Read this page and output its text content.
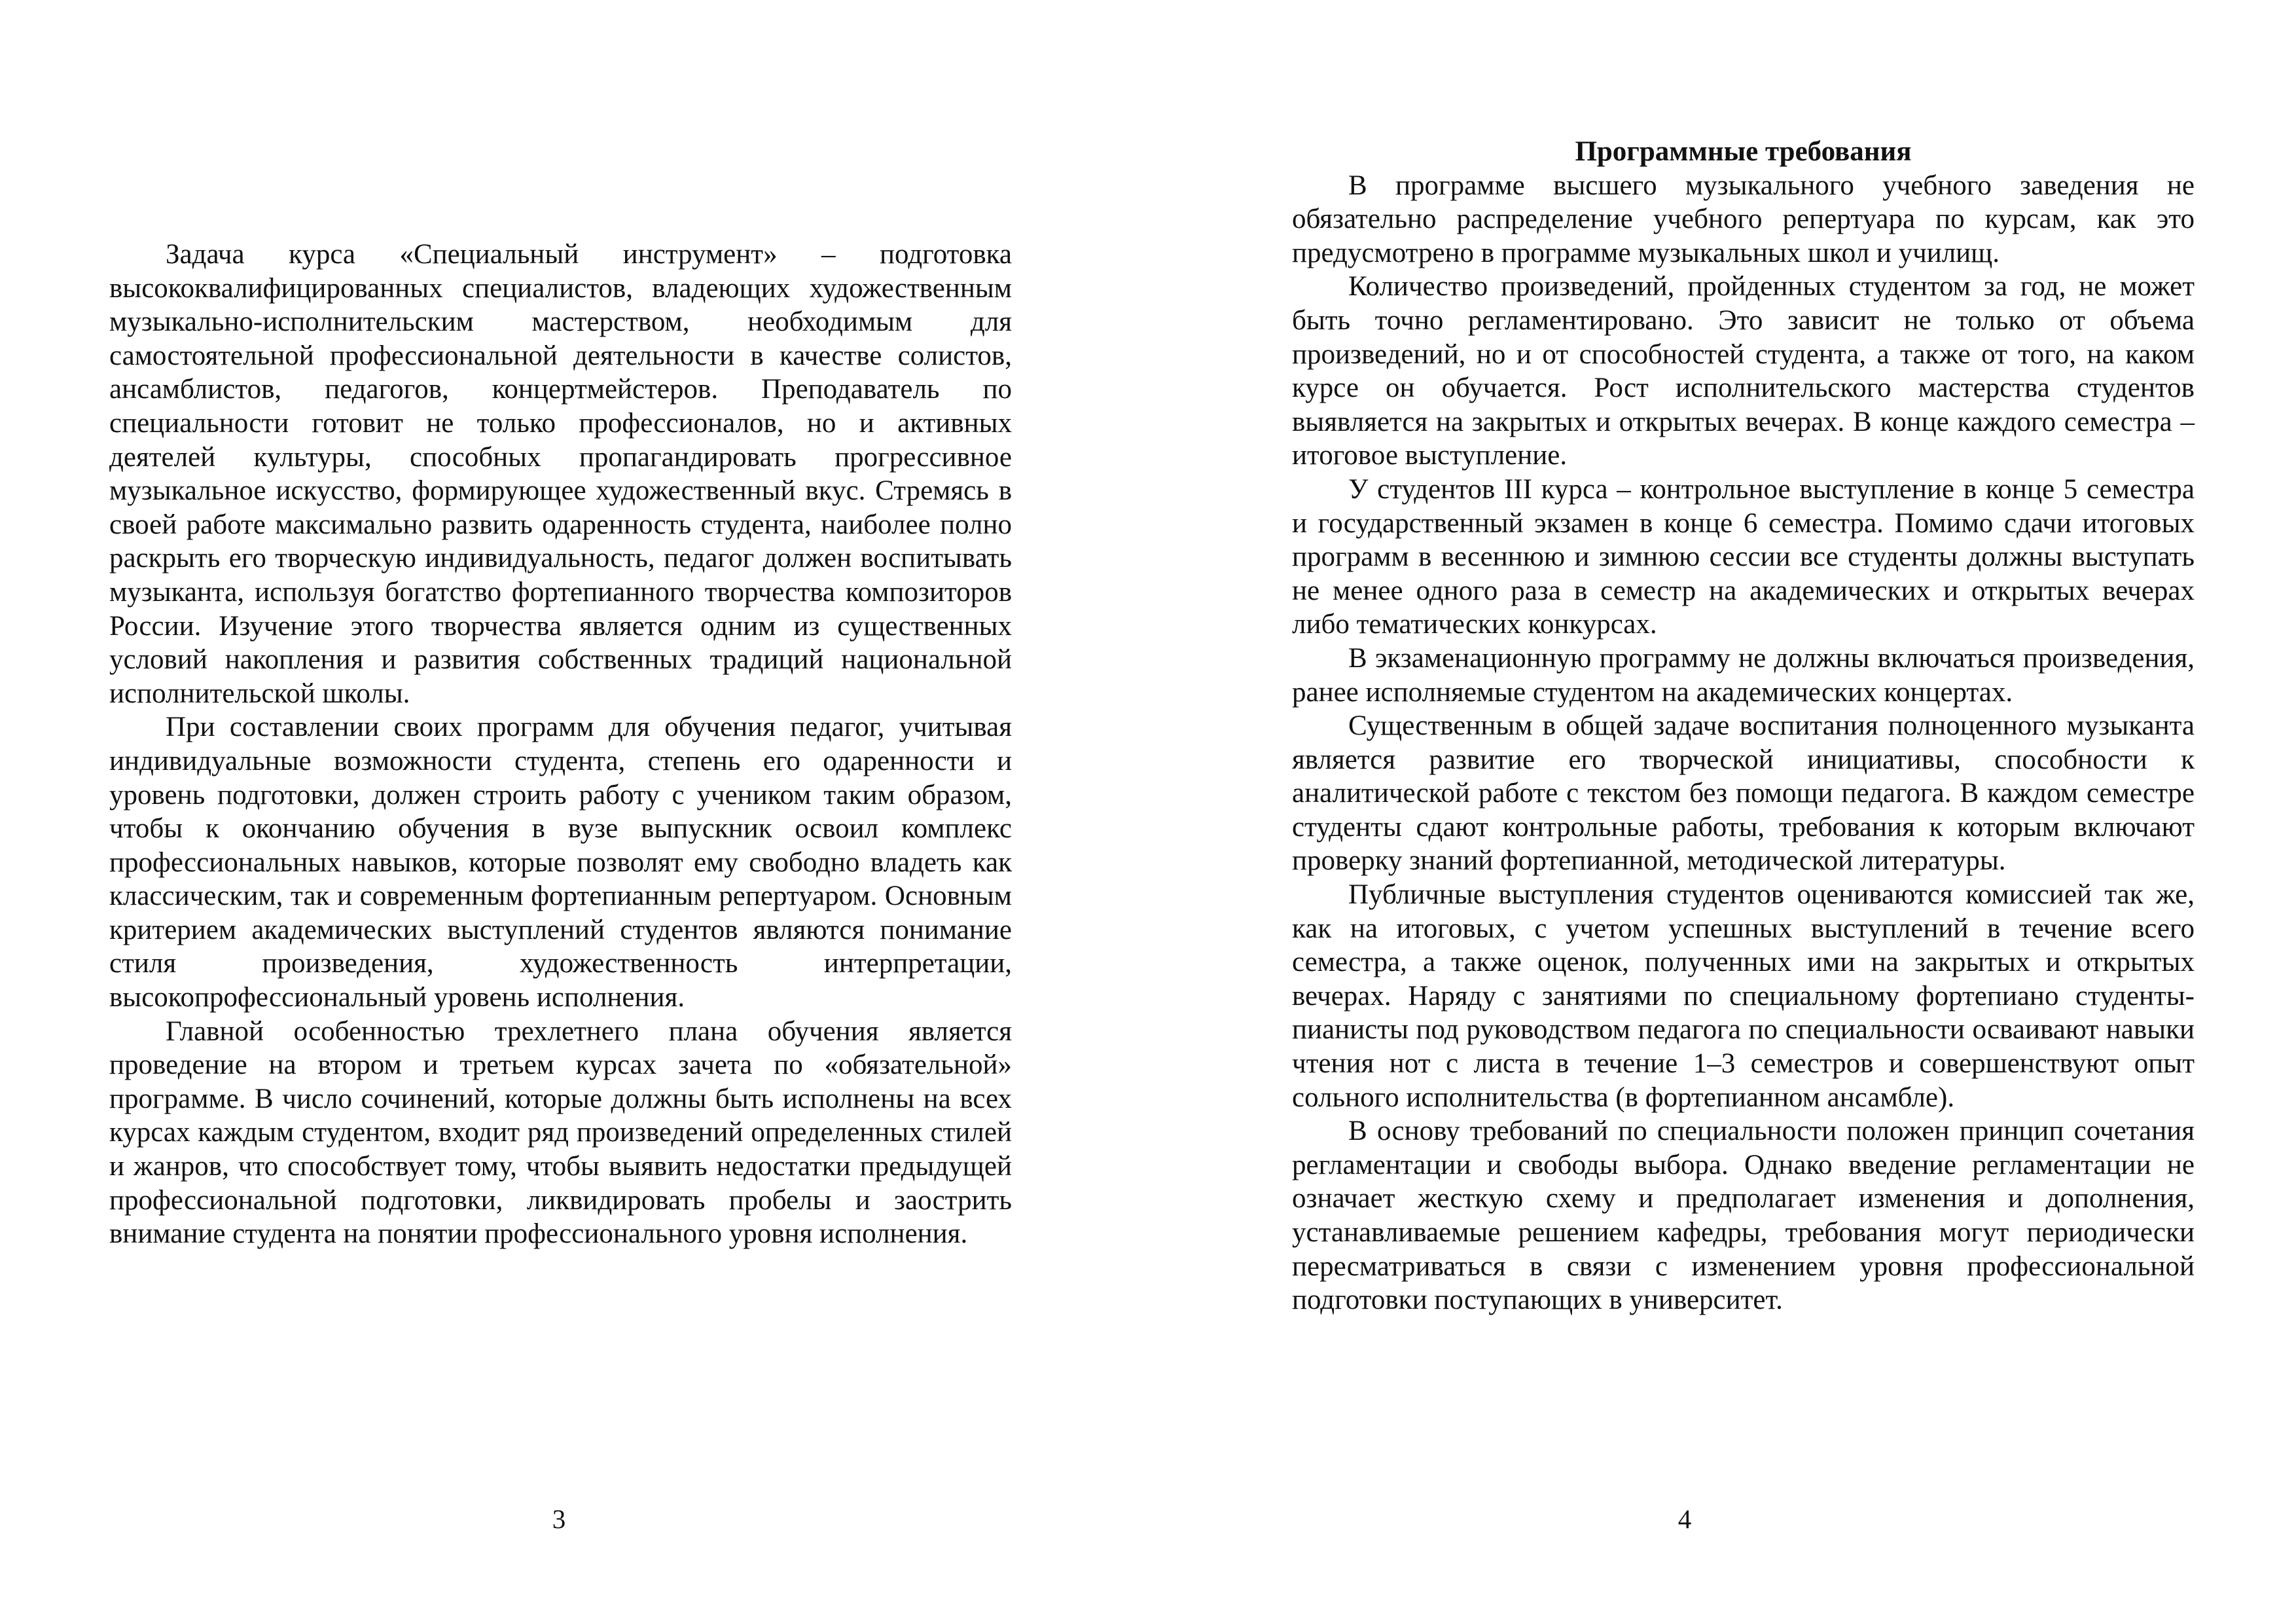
Задача курса «Специальный инструмент» – подготовка высококвалифицированных специалистов, владеющих художественным музыкально-исполнительским мастерством, необходимым для самостоятельной профессиональной деятельности в качестве солистов, ансамблистов, педагогов, концертмейстеров. Преподаватель по специальности готовит не только профессионалов, но и активных деятелей культуры, способных пропагандировать прогрессивное музыкальное искусство, формирующее художественный вкус. Стремясь в своей работе максимально развить одаренность студента, наиболее полно раскрыть его творческую индивидуальность, педагог должен воспитывать музыканта, используя богатство фортепианного творчества композиторов России. Изучение этого творчества является одним из существенных условий накопления и развития собственных традиций национальной исполнительской школы.

При составлении своих программ для обучения педагог, учитывая индивидуальные возможности студента, степень его одаренности и уровень подготовки, должен строить работу с учеником таким образом, чтобы к окончанию обучения в вузе выпускник освоил комплекс профессиональных навыков, которые позволят ему свободно владеть как классическим, так и современным фортепианным репертуаром. Основным критерием академических выступлений студентов являются понимание стиля произведения, художественность интерпретации, высокопрофессиональный уровень исполнения.

Главной особенностью трехлетнего плана обучения является проведение на втором и третьем курсах зачета по «обязательной» программе. В число сочинений, которые должны быть исполнены на всех курсах каждым студентом, входит ряд произведений определенных стилей и жанров, что способствует тому, чтобы выявить недостатки предыдущей профессиональной подготовки, ликвидировать пробелы и заострить внимание студента на понятии профессионального уровня исполнения.

3
Программные требования

В программе высшего музыкального учебного заведения не обязательно распределение учебного репертуара по курсам, как это предусмотрено в программе музыкальных школ и училищ.

Количество произведений, пройденных студентом за год, не может быть точно регламентировано. Это зависит не только от объема произведений, но и от способностей студента, а также от того, на каком курсе он обучается. Рост исполнительского мастерства студентов выявляется на закрытых и открытых вечерах. В конце каждого семестра – итоговое выступление.

У студентов III курса – контрольное выступление в конце 5 семестра и государственный экзамен в конце 6 семестра. Помимо сдачи итоговых программ в весеннюю и зимнюю сессии все студенты должны выступать не менее одного раза в семестр на академических и открытых вечерах либо тематических конкурсах.

В экзаменационную программу не должны включаться произведения, ранее исполняемые студентом на академических концертах.

Существенным в общей задаче воспитания полноценного музыканта является развитие его творческой инициативы, способности к аналитической работе с текстом без помощи педагога. В каждом семестре студенты сдают контрольные работы, требования к которым включают проверку знаний фортепианной, методической литературы.

Публичные выступления студентов оцениваются комиссией так же, как на итоговых, с учетом успешных выступлений в течение всего семестра, а также оценок, полученных ими на закрытых и открытых вечерах. Наряду с занятиями по специальному фортепиано студенты-пианисты под руководством педагога по специальности осваивают навыки чтения нот с листа в течение 1–3 семестров и совершенствуют опыт сольного исполнительства (в фортепианном ансамбле).

В основу требований по специальности положен принцип сочетания регламентации и свободы выбора. Однако введение регламентации не означает жесткую схему и предполагает изменения и дополнения, устанавливаемые решением кафедры, требования могут периодически пересматриваться в связи с изменением уровня профессиональной подготовки поступающих в университет.

4
